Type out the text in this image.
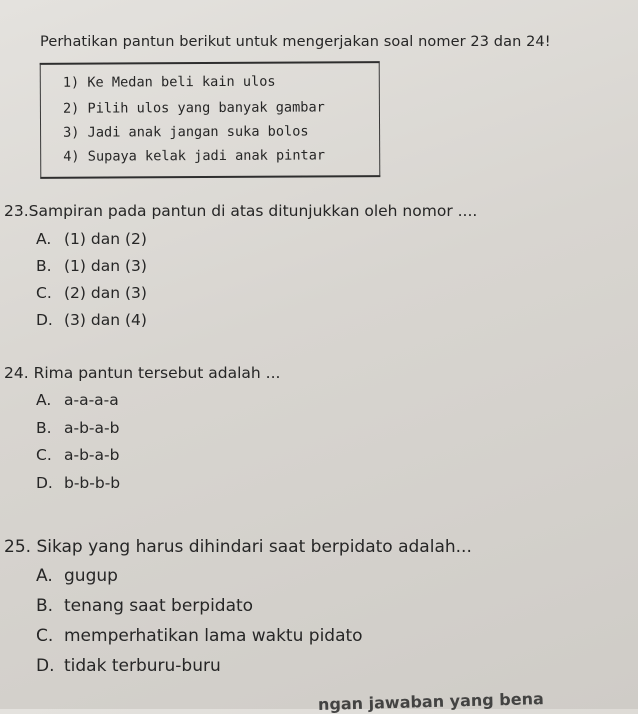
Perhatikan pantun berikut untuk mengerjakan soal nomer 23 dan 24!
1) Ke Medan beli kain ulos
2) Pilih ulos yang banyak gambar
3) Jadi anak jangan suka bolos
4) Supaya kelak jadi anak pintar
23.Sampiran pada pantun di atas ditunjukkan oleh nomor ....
A. (1) dan (2)
B. (1) dan (3)
C. (2) dan (3)
D. (3) dan (4)
24. Rima pantun tersebut adalah ...
A. a-a-a-a
B. a-b-a-b
C. a-b-a-b
D. b-b-b-b
25. Sikap yang harus dihindari saat berpidato adalah...
A. gugup
B. tenang saat berpidato
C. memperhatikan lama waktu pidato
D. tidak terburu-buru
ngan jawaban yang bena
